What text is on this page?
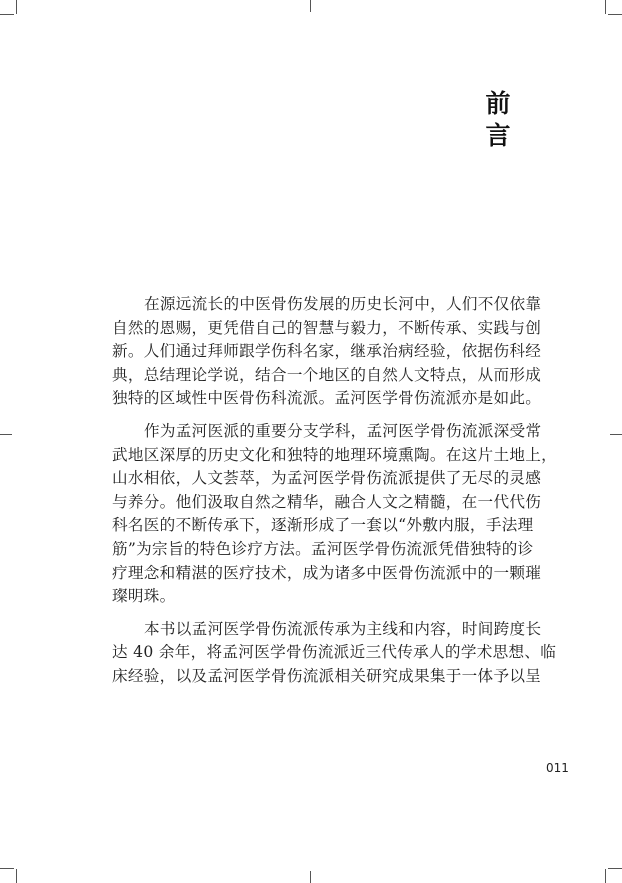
前
言
在源远流长的中医骨伤发展的历史长河中，人们不仅依靠
自然的恩赐，更凭借自己的智慧与毅力，不断传承、实践与创
新。人们通过拜师跟学伤科名家，继承治病经验，依据伤科经
典，总结理论学说，结合一个地区的自然人文特点，从而形成
独特的区域性中医骨伤科流派。孟河医学骨伤流派亦是如此。
作为孟河医派的重要分支学科，孟河医学骨伤流派深受常
武地区深厚的历史文化和独特的地理环境熏陶。在这片土地上，
山水相依，人文荟萃，为孟河医学骨伤流派提供了无尽的灵感
与养分。他们汲取自然之精华，融合人文之精髓，在一代代伤
科名医的不断传承下，逐渐形成了一套以“外敷内服，手法理
筋”为宗旨的特色诊疗方法。孟河医学骨伤流派凭借独特的诊
疗理念和精湛的医疗技术，成为诸多中医骨伤流派中的一颗璀
璨明珠。
本书以孟河医学骨伤流派传承为主线和内容，时间跨度长
达 40 余年，将孟河医学骨伤流派近三代传承人的学术思想、临
床经验，以及孟河医学骨伤流派相关研究成果集于一体予以呈
011
